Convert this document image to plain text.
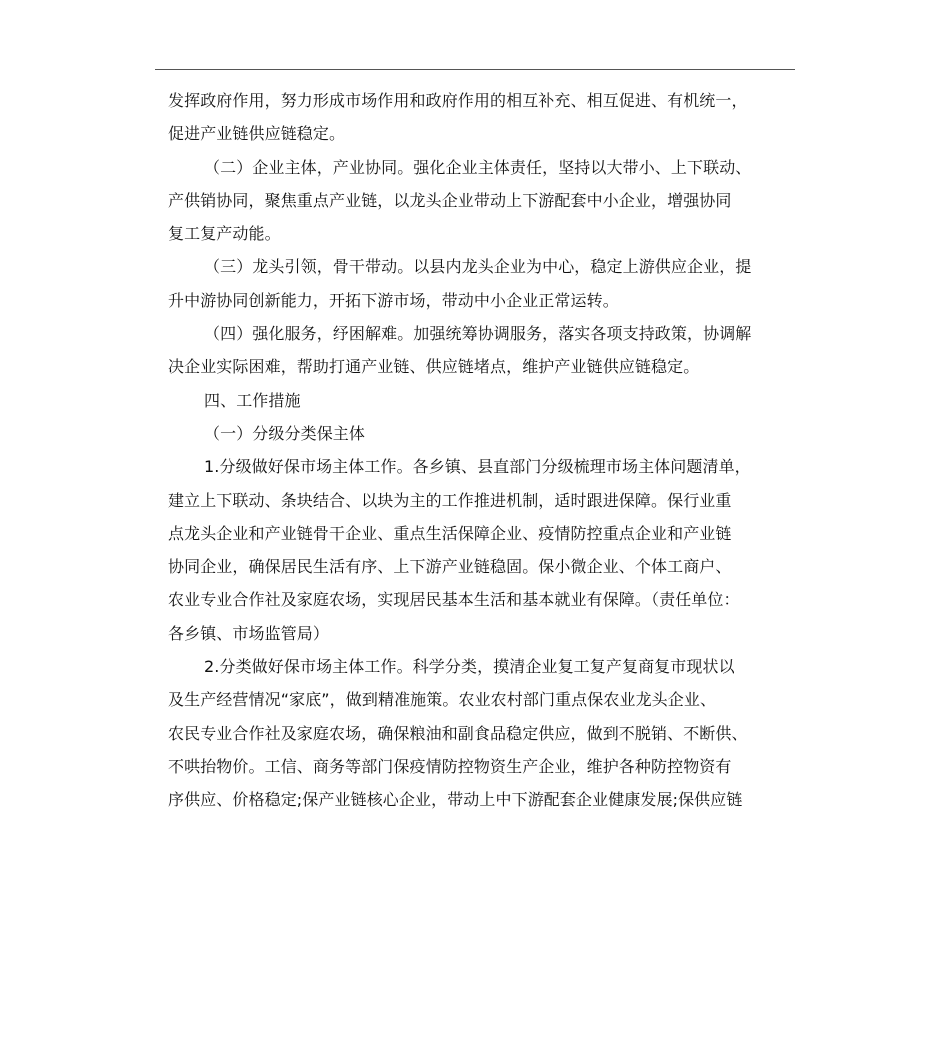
发挥政府作用，努力形成市场作用和政府作用的相互补充、相互促进、有机统一，
促进产业链供应链稳定。
（二）企业主体，产业协同。强化企业主体责任，坚持以大带小、上下联动、
产供销协同，聚焦重点产业链，以龙头企业带动上下游配套中小企业，增强协同
复工复产动能。
（三）龙头引领，骨干带动。以县内龙头企业为中心，稳定上游供应企业，提
升中游协同创新能力，开拓下游市场，带动中小企业正常运转。
（四）强化服务，纾困解难。加强统筹协调服务，落实各项支持政策，协调解
决企业实际困难，帮助打通产业链、供应链堵点，维护产业链供应链稳定。
四、工作措施
（一）分级分类保主体
1.分级做好保市场主体工作。各乡镇、县直部门分级梳理市场主体问题清单，
建立上下联动、条块结合、以块为主的工作推进机制，适时跟进保障。保行业重
点龙头企业和产业链骨干企业、重点生活保障企业、疫情防控重点企业和产业链
协同企业，确保居民生活有序、上下游产业链稳固。保小微企业、个体工商户、
农业专业合作社及家庭农场，实现居民基本生活和基本就业有保障。（责任单位：
各乡镇、市场监管局）
2.分类做好保市场主体工作。科学分类，摸清企业复工复产复商复市现状以
及生产经营情况“家底”，做到精准施策。农业农村部门重点保农业龙头企业、
农民专业合作社及家庭农场，确保粮油和副食品稳定供应，做到不脱销、不断供、
不哄抬物价。工信、商务等部门保疫情防控物资生产企业，维护各种防控物资有
序供应、价格稳定;保产业链核心企业，带动上中下游配套企业健康发展;保供应链
